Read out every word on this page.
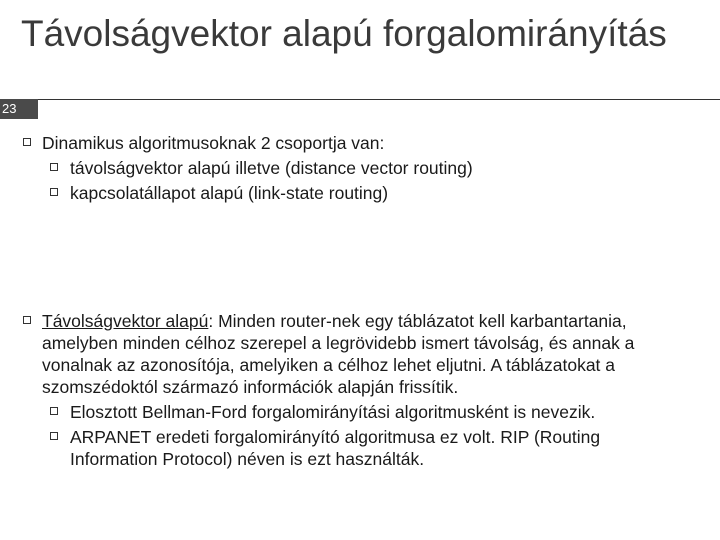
Távolságvektor alapú forgalomirányítás
23

Dinamikus algoritmusoknak 2 csoportja van:

távolságvektor alapú illetve (distance vector routing)

kapcsolatállapot alapú (link-state routing)

Távolságvektor alapú: Minden router-nek egy táblázatot kell karbantartania, amelyben minden célhoz szerepel a legrövidebb ismert távolság, és annak a vonalnak az azonosítója, amelyiken a célhoz lehet eljutni. A táblázatokat a szomszédoktól származó információk alapján frissítik.

Elosztott Bellman-Ford forgalomirányítási algoritmusként is nevezik.

ARPANET eredeti forgalomirányító algoritmusa ez volt. RIP (Routing Information Protocol) néven is ezt használták.
